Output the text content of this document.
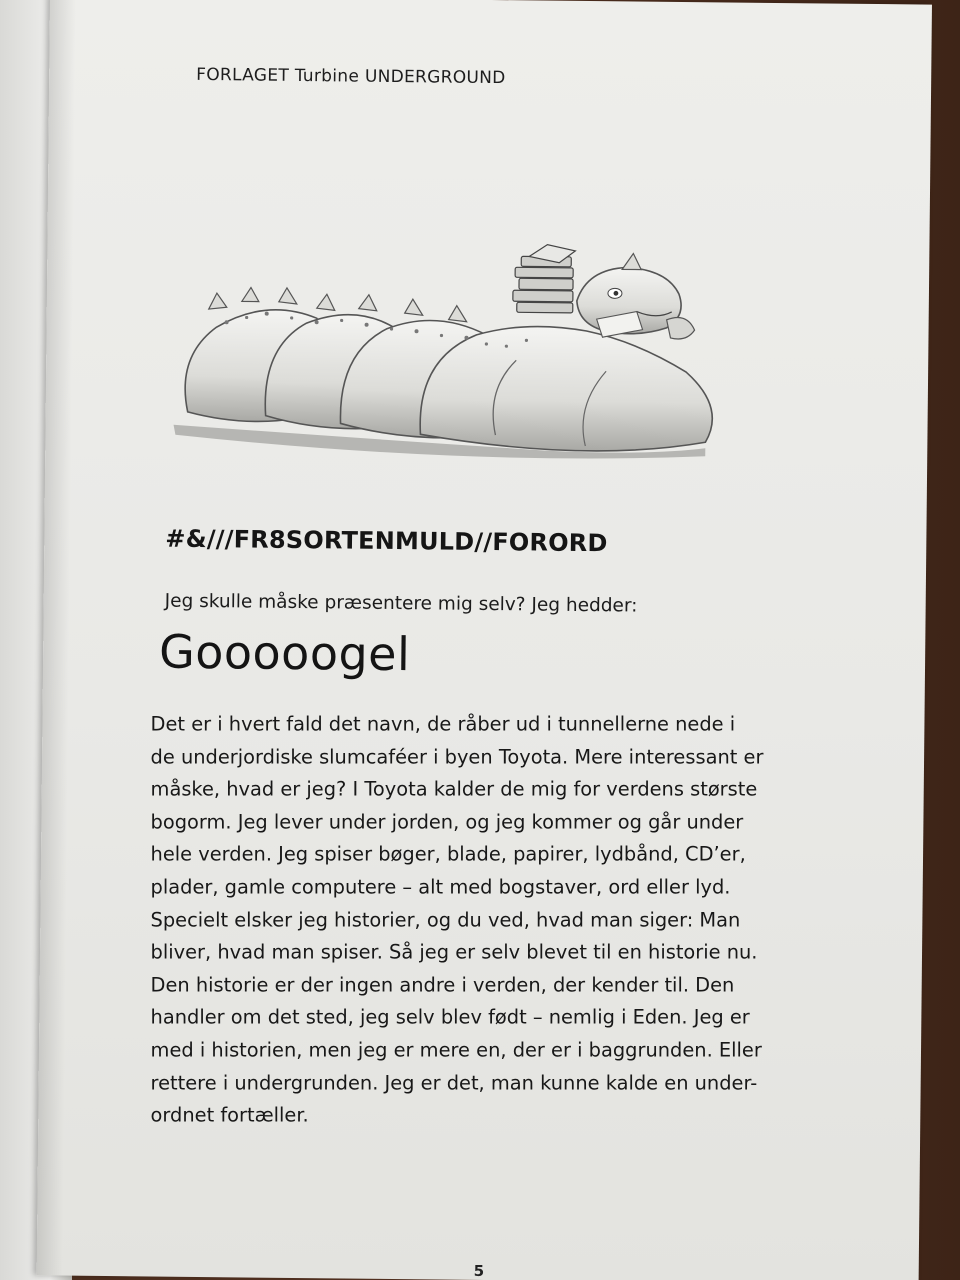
FORLAGET Turbine UNDERGROUND
#&///FR8SORTENMULD//FORORD
Jeg skulle måske præsentere mig selv? Jeg hedder:
Gooooogel
Det er i hvert fald det navn, de råber ud i tunnellerne nede i
de underjordiske slumcaféer i byen Toyota. Mere interessant er
måske, hvad er jeg? I Toyota kalder de mig for verdens største
bogorm. Jeg lever under jorden, og jeg kommer og går under
hele verden. Jeg spiser bøger, blade, papirer, lydbånd, CD’er,
plader, gamle computere – alt med bogstaver, ord eller lyd.
Specielt elsker jeg historier, og du ved, hvad man siger: Man
bliver, hvad man spiser. Så jeg er selv blevet til en historie nu.
Den historie er der ingen andre i verden, der kender til. Den
handler om det sted, jeg selv blev født – nemlig i Eden. Jeg er
med i historien, men jeg er mere en, der er i baggrunden. Eller
rettere i undergrunden. Jeg er det, man kunne kalde en under-
ordnet fortæller.
5
